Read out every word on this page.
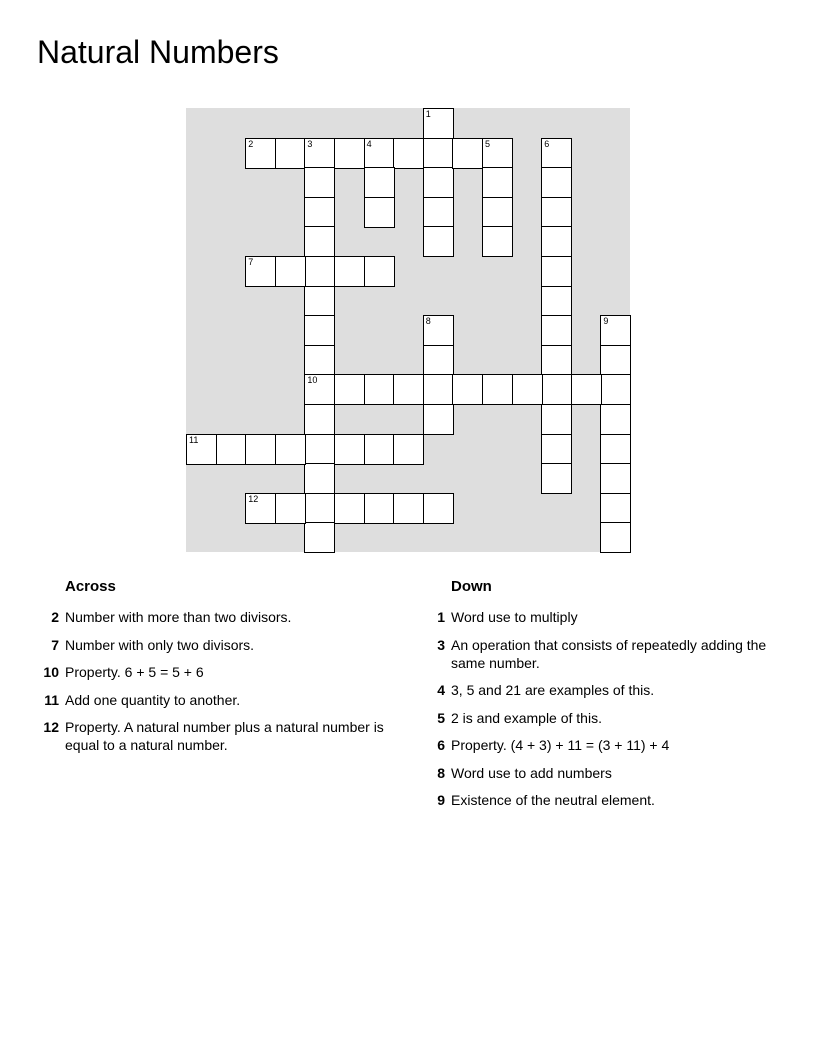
Natural Numbers
1
2	3	4	5
10
6
7
8	9
11
12
Across
2 Number with more than two divisors.
7 Number with only two divisors.
10 Property. 6 + 5 = 5 + 6
11 Add one quantity to another.
12 Property. A natural number plus a natural number is equal to a natural number.
Down
1 Word use to multiply
3 An operation that consists of repeatedly adding the same number.
4 3, 5 and 21 are examples of this.
5 2 is and example of this.
6 Property. (4 + 3) + 11 = (3 + 11) + 4
8 Word use to add numbers
9 Existence of the neutral element.
